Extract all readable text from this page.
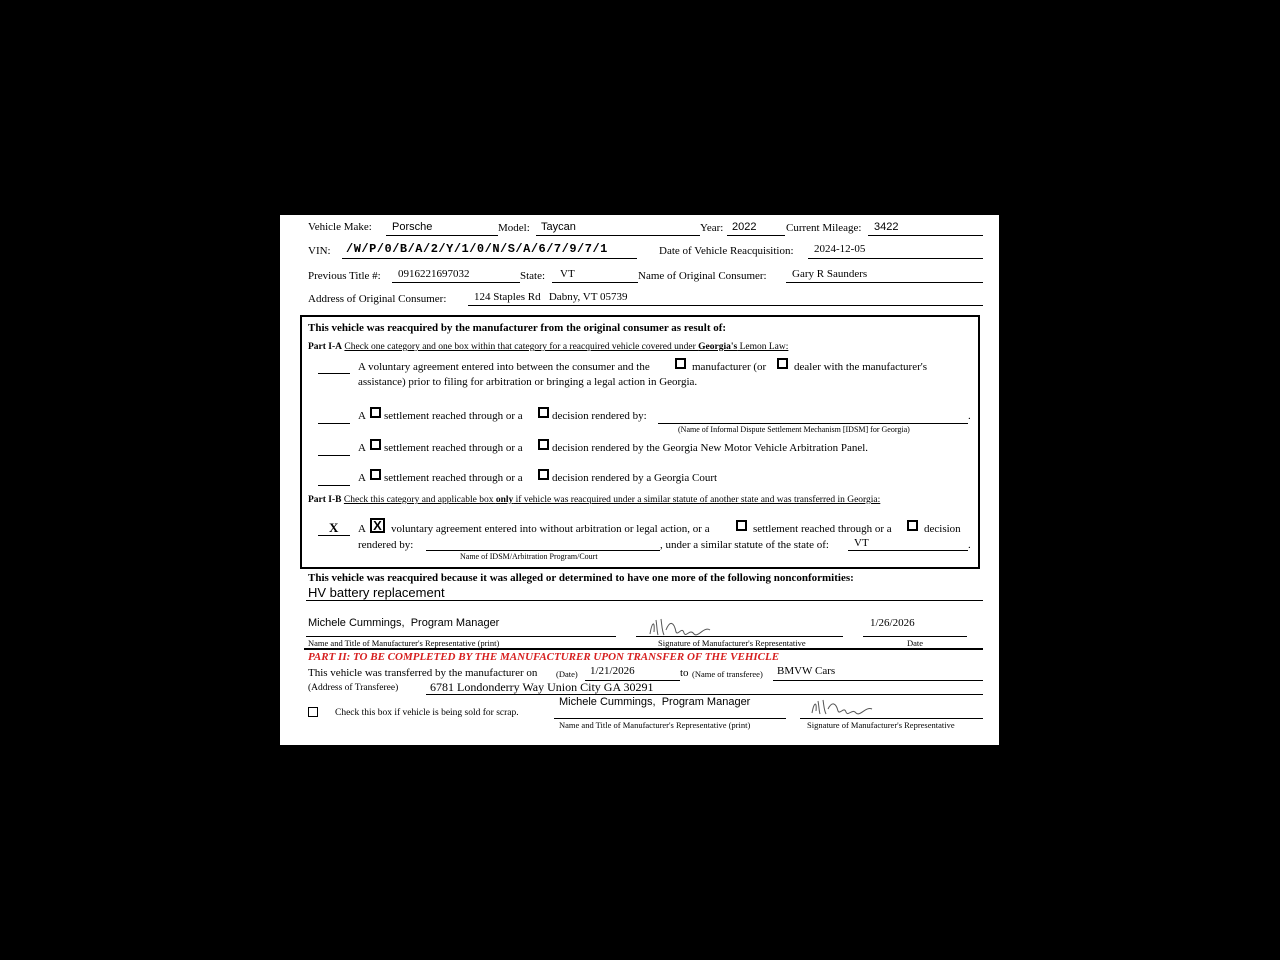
Vehicle Make: Porsche	Model: Taycan	Year: 2022	Current Mileage: 3422
VIN: /W/P/0/B/A/2/Y/1/0/N/S/A/6/7/9/7/1	Date of Vehicle Reacquisition: 2024-12-05
Previous Title #: 0916221697032	State: VT	Name of Original Consumer: Gary R Saunders
Address of Original Consumer:	124 Staples Rd   Dabny, VT 05739
This vehicle was reacquired by the manufacturer from the original consumer as result of:
Part I-A Check one category and one box within that category for a reacquired vehicle covered under Georgia's Lemon Law:
A voluntary agreement entered into between the consumer and the	manufacturer (or	dealer with the manufacturer's
assistance) prior to filing for arbitration or bringing a legal action in Georgia.
A settlement reached through or a	decision rendered by:	.
(Name of Informal Dispute Settlement Mechanism [IDSM] for Georgia)
A settlement reached through or a	decision rendered by the Georgia New Motor Vehicle Arbitration Panel.
A settlement reached through or a	decision rendered by a Georgia Court
Part I-B Check this category and applicable box only if vehicle was reacquired under a similar statute of another state and was transferred in Georgia:
X A X voluntary agreement entered into without arbitration or legal action, or a	settlement reached through or a	decision
rendered by:	, under a similar statute of the state of: VT	.
Name of IDSM/Arbitration Program/Court
This vehicle was reacquired because it was alleged or determined to have one more of the following nonconformities:
HV battery replacement
Michele Cummings,  Program Manager	1/26/2026
Name and Title of Manufacturer's Representative (print)	Signature of Manufacturer's Representative	Date
PART II: TO BE COMPLETED BY THE MANUFACTURER UPON TRANSFER OF THE VEHICLE
This vehicle was transferred by the manufacturer on (Date) 1/21/2026	to (Name of transferee) BMVW Cars
(Address of Transferee)	6781 Londonderry Way Union City GA 30291
Check this box if vehicle is being sold for scrap.
Michele Cummings,  Program Manager
Name and Title of Manufacturer's Representative (print)	Signature of Manufacturer's Representative
